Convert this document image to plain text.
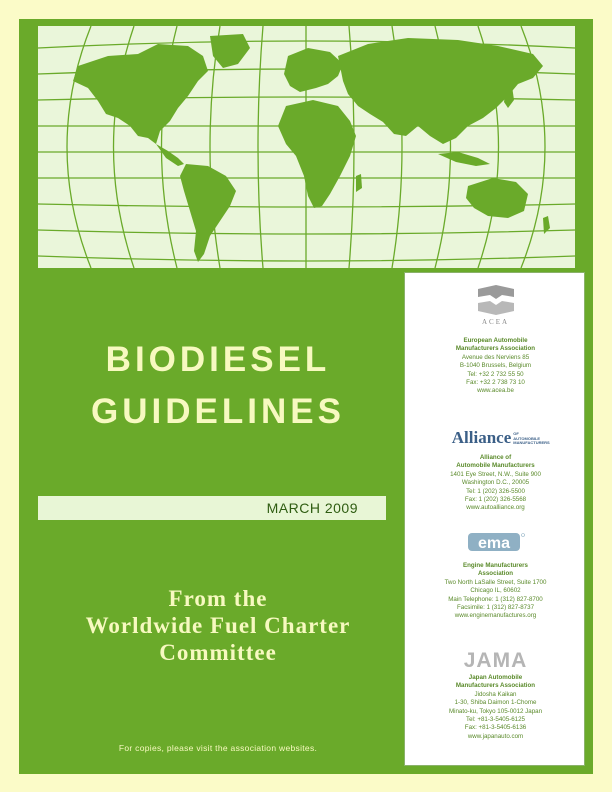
BIODIESEL
GUIDELINES
MARCH 2009
From the
Worldwide Fuel Charter
Committee
For copies, please visit the association websites.
ACEA
European Automobile
Manufacturers Association
Avenue des Nerviens 85
B-1040 Brussels, Belgium
Tel: +32 2 732 55 50
Fax: +32 2 738 73 10
www.acea.be
Alliance OF AUTOMOBILE MANUFACTURERS
Alliance of
Automobile Manufacturers
1401 Eye Street, N.W., Suite 900
Washington D.C., 20005
Tel: 1 (202) 326-5500
Fax: 1 (202) 326-5568
www.autoalliance.org
ema
Engine Manufacturers
Association
Two North LaSalle Street, Suite 1700
Chicago IL, 60602
Main Telephone: 1 (312) 827-8700
Facsimile: 1 (312) 827-8737
www.enginemanufactures.org
JAMA
Japan Automobile
Manufacturers Association
Jidosha Kaikan
1-30, Shiba Daimon 1-Chome
Minato-ku, Tokyo 105-0012 Japan
Tel: +81-3-5405-6125
Fax: +81-3-5405-6136
www.japanauto.com
